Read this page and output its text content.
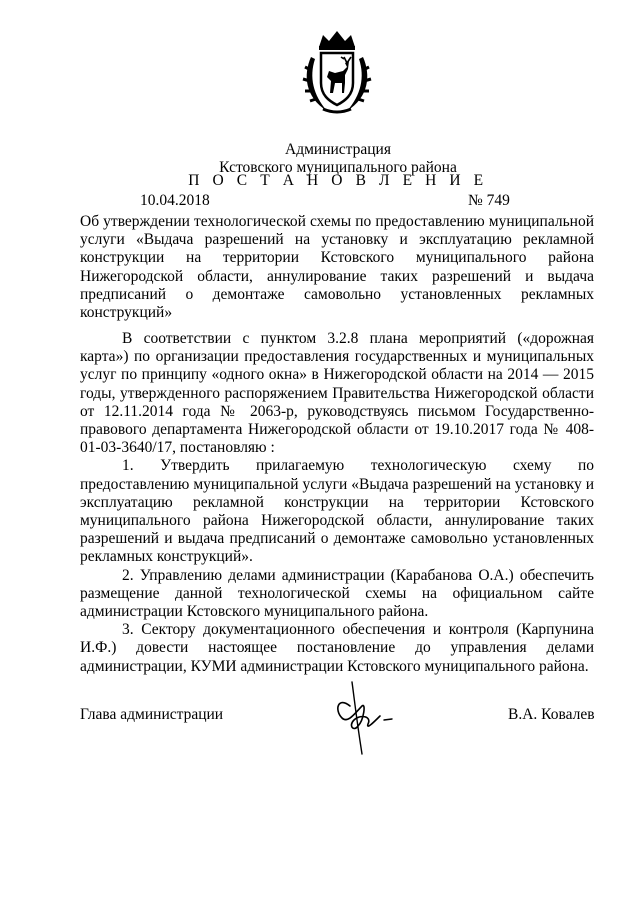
Администрация
Кстовского муниципального района
П О С Т А Н О В Л Е Н И Е
10.04.2018	№ 749
Об утверждении технологической схемы по предоставлению муниципальной услуги «Выдача разрешений на установку и эксплуатацию рекламной конструкции на территории Кстовского муниципального района Нижегородской области, аннулирование таких разрешений и выдача предписаний о демонтаже самовольно установленных рекламных конструкций»

В соответствии с пунктом 3.2.8 плана мероприятий («дорожная карта») по организации предоставления государственных и муниципальных услуг по принципу «одного окна» в Нижегородской области на 2014 — 2015 годы, утвержденного распоряжением Правительства Нижегородской области от 12.11.2014 года № 2063-р, руководствуясь письмом Государственно-правового департамента Нижегородской области от 19.10.2017 года № 408-01-03-3640/17, постановляю :

1. Утвердить прилагаемую технологическую схему по предоставлению муниципальной услуги «Выдача разрешений на установку и эксплуатацию рекламной конструкции на территории Кстовского муниципального района Нижегородской области, аннулирование таких разрешений и выдача предписаний о демонтаже самовольно установленных рекламных конструкций».

2. Управлению делами администрации (Карабанова О.А.) обеспечить размещение данной технологической схемы на официальном сайте администрации Кстовского муниципального района.

3. Сектору документационного обеспечения и контроля (Карпунина И.Ф.) довести настоящее постановление до управления делами администрации, КУМИ администрации Кстовского муниципального района.

Глава администрации	В.А. Ковалев
